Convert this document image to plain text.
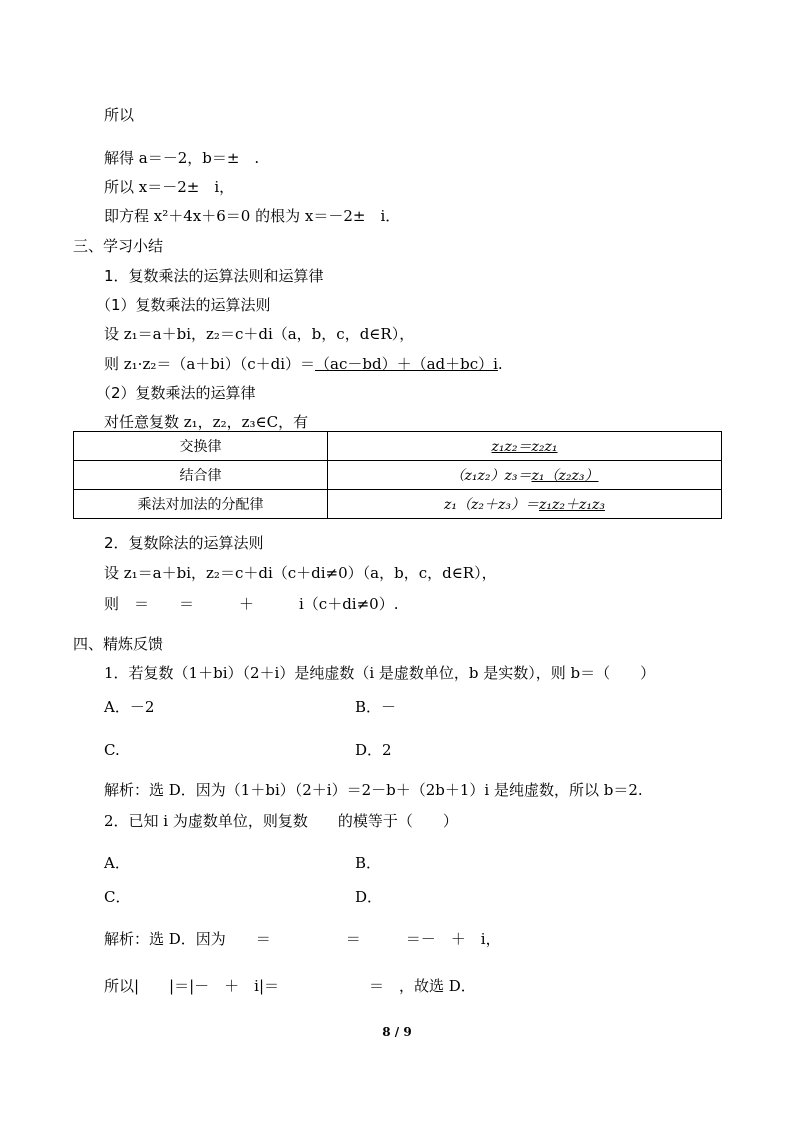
所以
解得 a＝－2，b＝±　.
所以 x＝－2±　i，
即方程 x²＋4x＋6＝0 的根为 x＝－2±　i．
三、学习小结
1．复数乘法的运算法则和运算律
（1）复数乘法的运算法则
设 z₁＝a＋bi，z₂＝c＋di（a，b，c，d∈R），
则 z₁·z₂＝（a＋bi）（c＋di）＝（ac－bd）＋（ad＋bc）i.
（2）复数乘法的运算律
对任意复数 z₁，z₂，z₃∈C，有
交换律	z₁z₂＝z₂z₁
结合律	（z₁z₂）z₃＝z₁（z₂z₃）
乘法对加法的分配律	z₁（z₂＋z₃）＝z₁z₂＋z₁z₃
2．复数除法的运算法则
设 z₁＝a＋bi，z₂＝c＋di（c＋di≠0）（a，b，c，d∈R），
则　＝　　＝　　　＋　　　i（c＋di≠0）.
四、精炼反馈
1．若复数（1＋bi）（2＋i）是纯虚数（i 是虚数单位，b 是实数），则 b＝（　　）
A．－2	B．－
C.	D．2
解析：选 D．因为（1＋bi）（2＋i）＝2－b＋（2b＋1）i 是纯虚数，所以 b＝2.
2．已知 i 为虚数单位，则复数　　的模等于（　　）
A．	B．
C．	D．
解析：选 D．因为　　＝　　　　　＝　　　＝－　＋　i，
所以|　　|＝|－　＋　i|＝　　　　　　＝　，故选 D．
8 / 9
